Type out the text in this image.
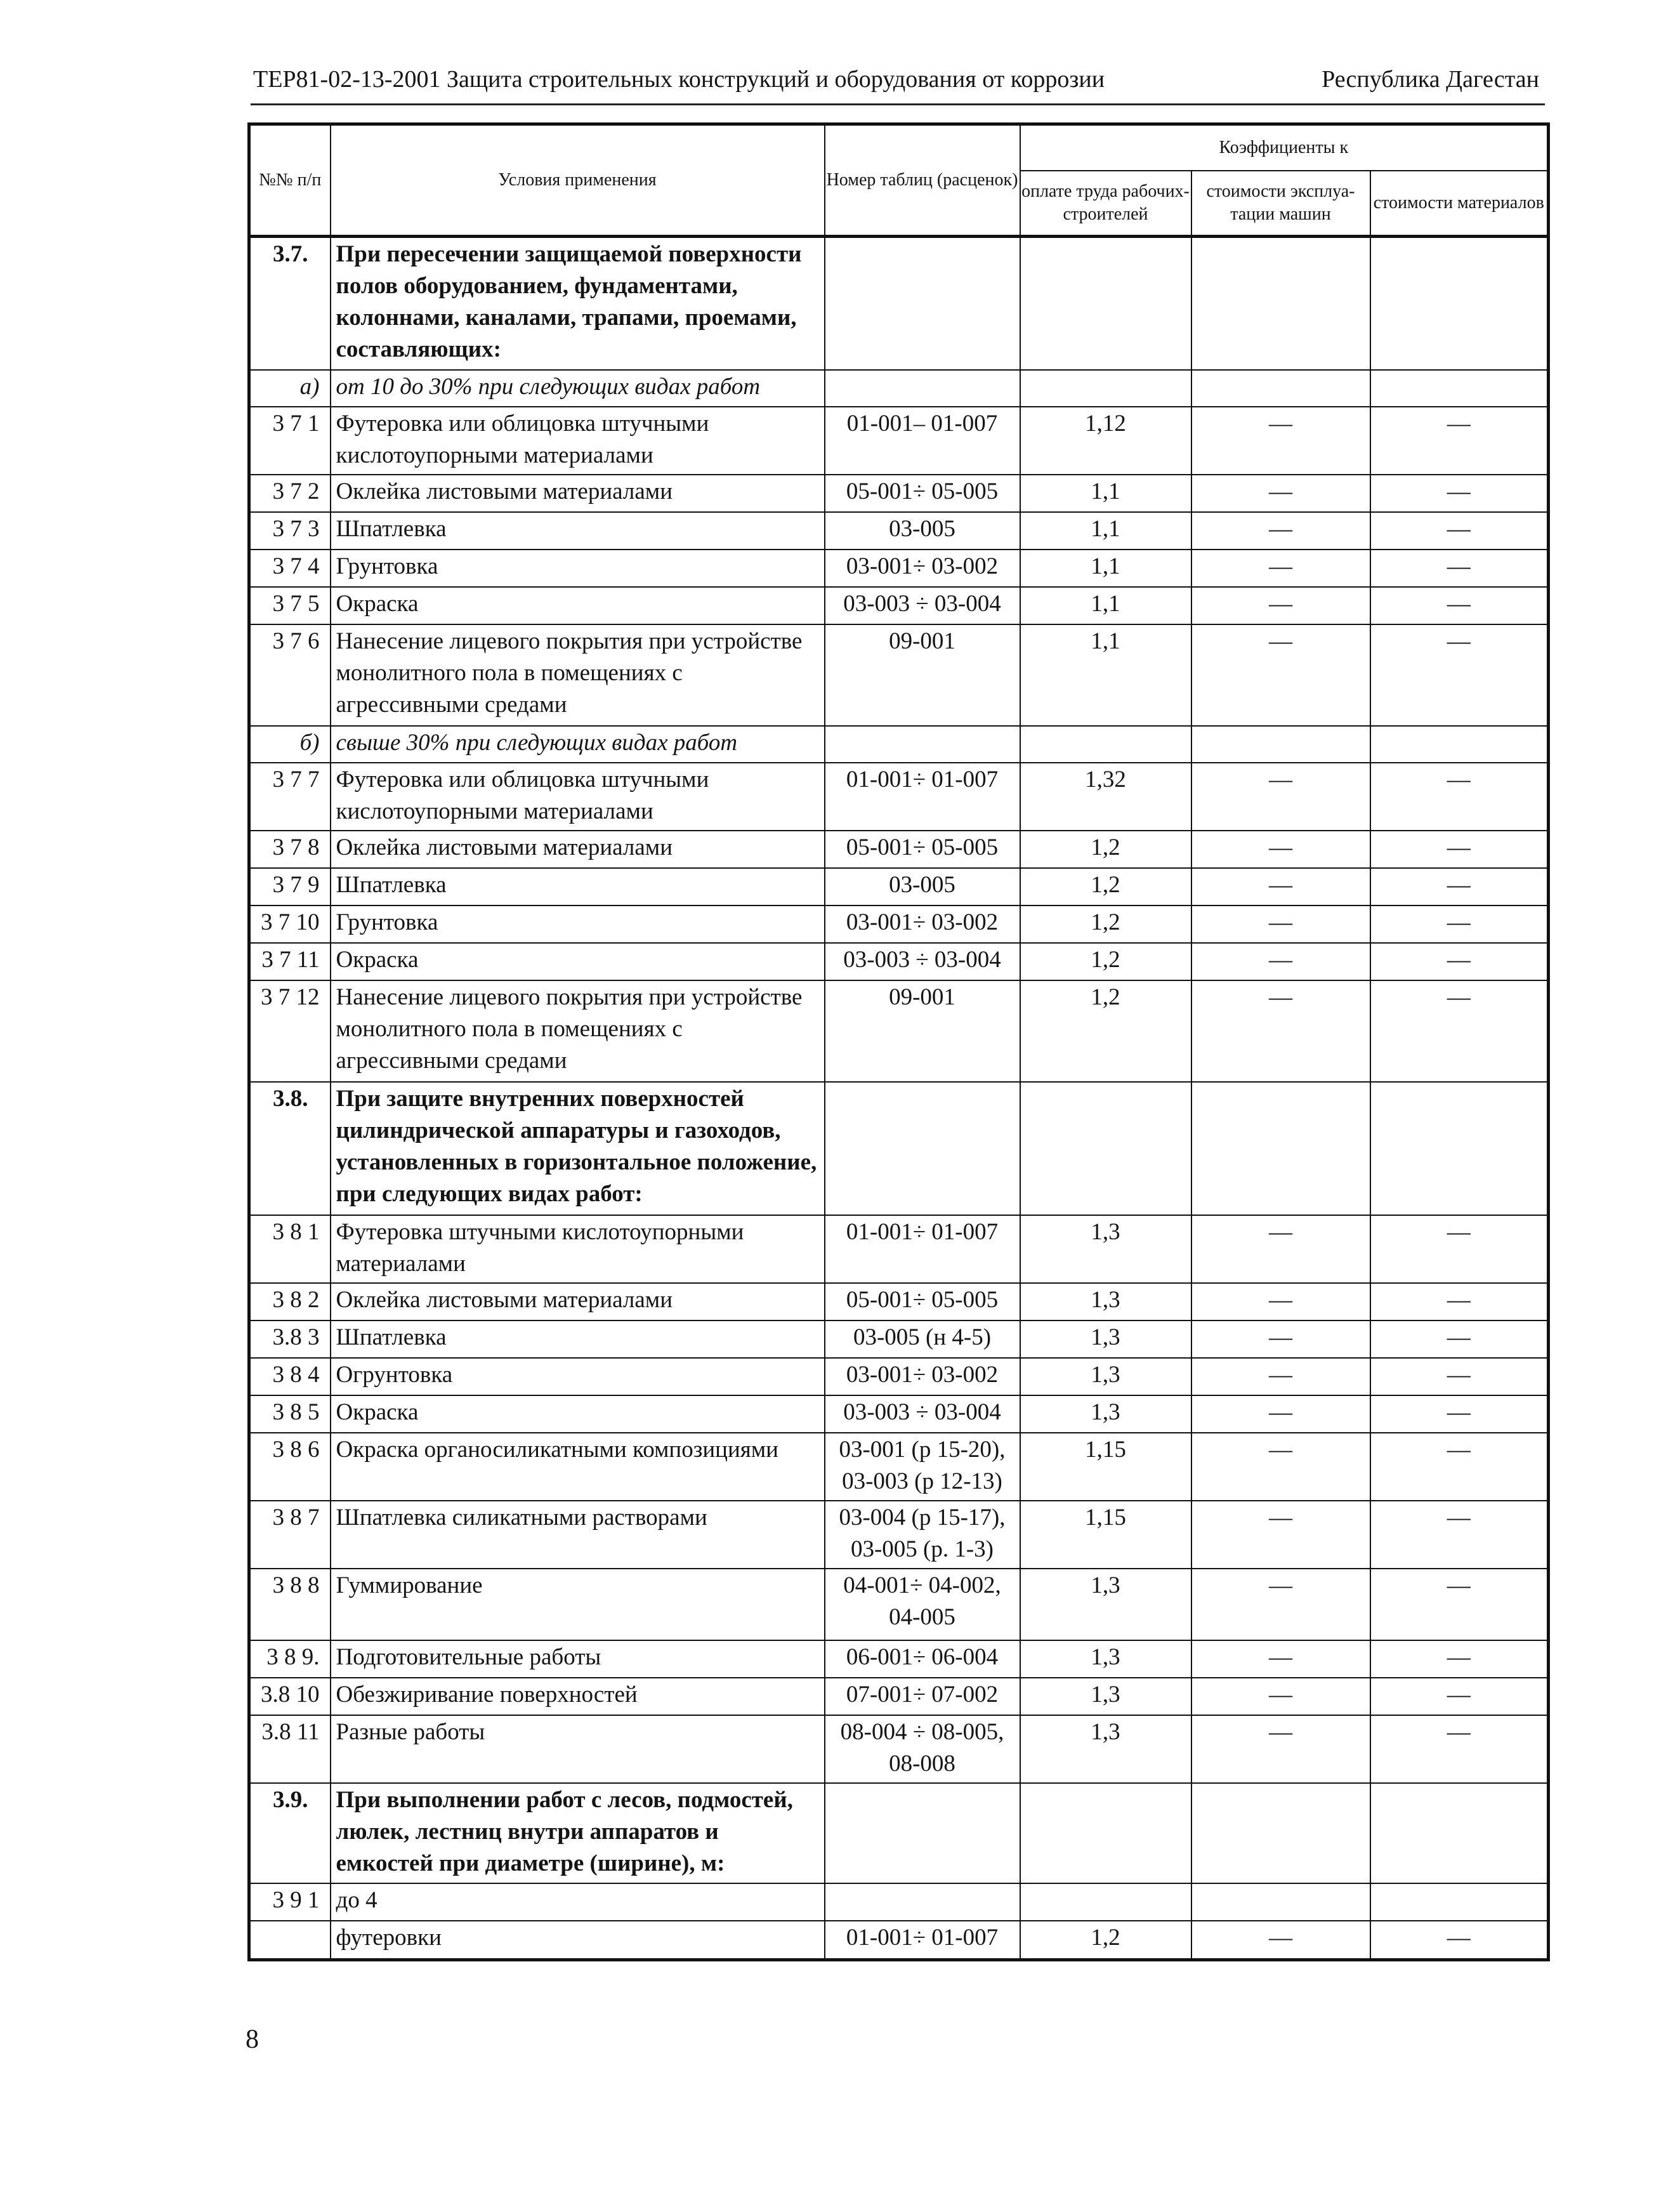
ТЕР81-02-13-2001 Защита строительных конструкций и оборудования от коррозии	Республика Дагестан
№№ п/п	Условия применения	Номер таблиц (расценок)	Коэффициенты к		
			оплате труда рабочих-строителей	стоимости эксплуа-тации машин	стоимости материалов
3.7.	При пересечении защищаемой поверхности полов оборудованием, фундаментами, колоннами, каналами, трапами, проемами, составляющих:				
а)	от 10 до 30% при следующих видах работ				
3 7 1	Футеровка или облицовка штучными кислотоупорными материалами	01-001– 01-007	1,12	—	—
3 7 2	Оклейка листовыми материалами	05-001÷ 05-005	1,1	—	—
3 7 3	Шпатлевка	03-005	1,1	—	—
3 7 4	Грунтовка	03-001÷ 03-002	1,1	—	—
3 7 5	Окраска	03-003 ÷ 03-004	1,1	—	—
3 7 6	Нанесение лицевого покрытия при устройстве монолитного пола в помещениях с агрессивными средами	09-001	1,1	—	—
б)	свыше 30% при следующих видах работ				
3 7 7	Футеровка или облицовка штучными кислотоупорными материалами	01-001÷ 01-007	1,32	—	—
3 7 8	Оклейка листовыми материалами	05-001÷ 05-005	1,2	—	—
3 7 9	Шпатлевка	03-005	1,2	—	—
3 7 10	Грунтовка	03-001÷ 03-002	1,2	—	—
3 7 11	Окраска	03-003 ÷ 03-004	1,2	—	—
3 7 12	Нанесение лицевого покрытия при устройстве монолитного пола в помещениях с агрессивными средами	09-001	1,2	—	—
3.8.	При защите внутренних поверхностей цилиндрической аппаратуры и газоходов, установленных в горизонтальное положение, при следующих видах работ:				
3 8 1	Футеровка штучными кислотоупорными материалами	01-001÷ 01-007	1,3	—	—
3 8 2	Оклейка листовыми материалами	05-001÷ 05-005	1,3	—	—
3.8 3	Шпатлевка	03-005 (н 4-5)	1,3	—	—
3 8 4	Огрунтовка	03-001÷ 03-002	1,3	—	—
3 8 5	Окраска	03-003 ÷ 03-004	1,3	—	—
3 8 6	Окраска органосиликатными композициями	03-001 (р 15-20), 03-003 (р 12-13)	1,15	—	—
3 8 7	Шпатлевка силикатными растворами	03-004 (р 15-17), 03-005 (р. 1-3)	1,15	—	—
3 8 8	Гуммирование	04-001÷ 04-002, 04-005	1,3	—	—
3 8 9.	Подготовительные работы	06-001÷ 06-004	1,3	—	—
3.8 10	Обезжиривание поверхностей	07-001÷ 07-002	1,3	—	—
3.8 11	Разные работы	08-004 ÷ 08-005, 08-008	1,3	—	—
3.9.	При выполнении работ с лесов, подмостей, люлек, лестниц внутри аппаратов и емкостей при диаметре (ширине), м:				
3 9 1	до 4				
	футеровки	01-001÷ 01-007	1,2	—	—
8
